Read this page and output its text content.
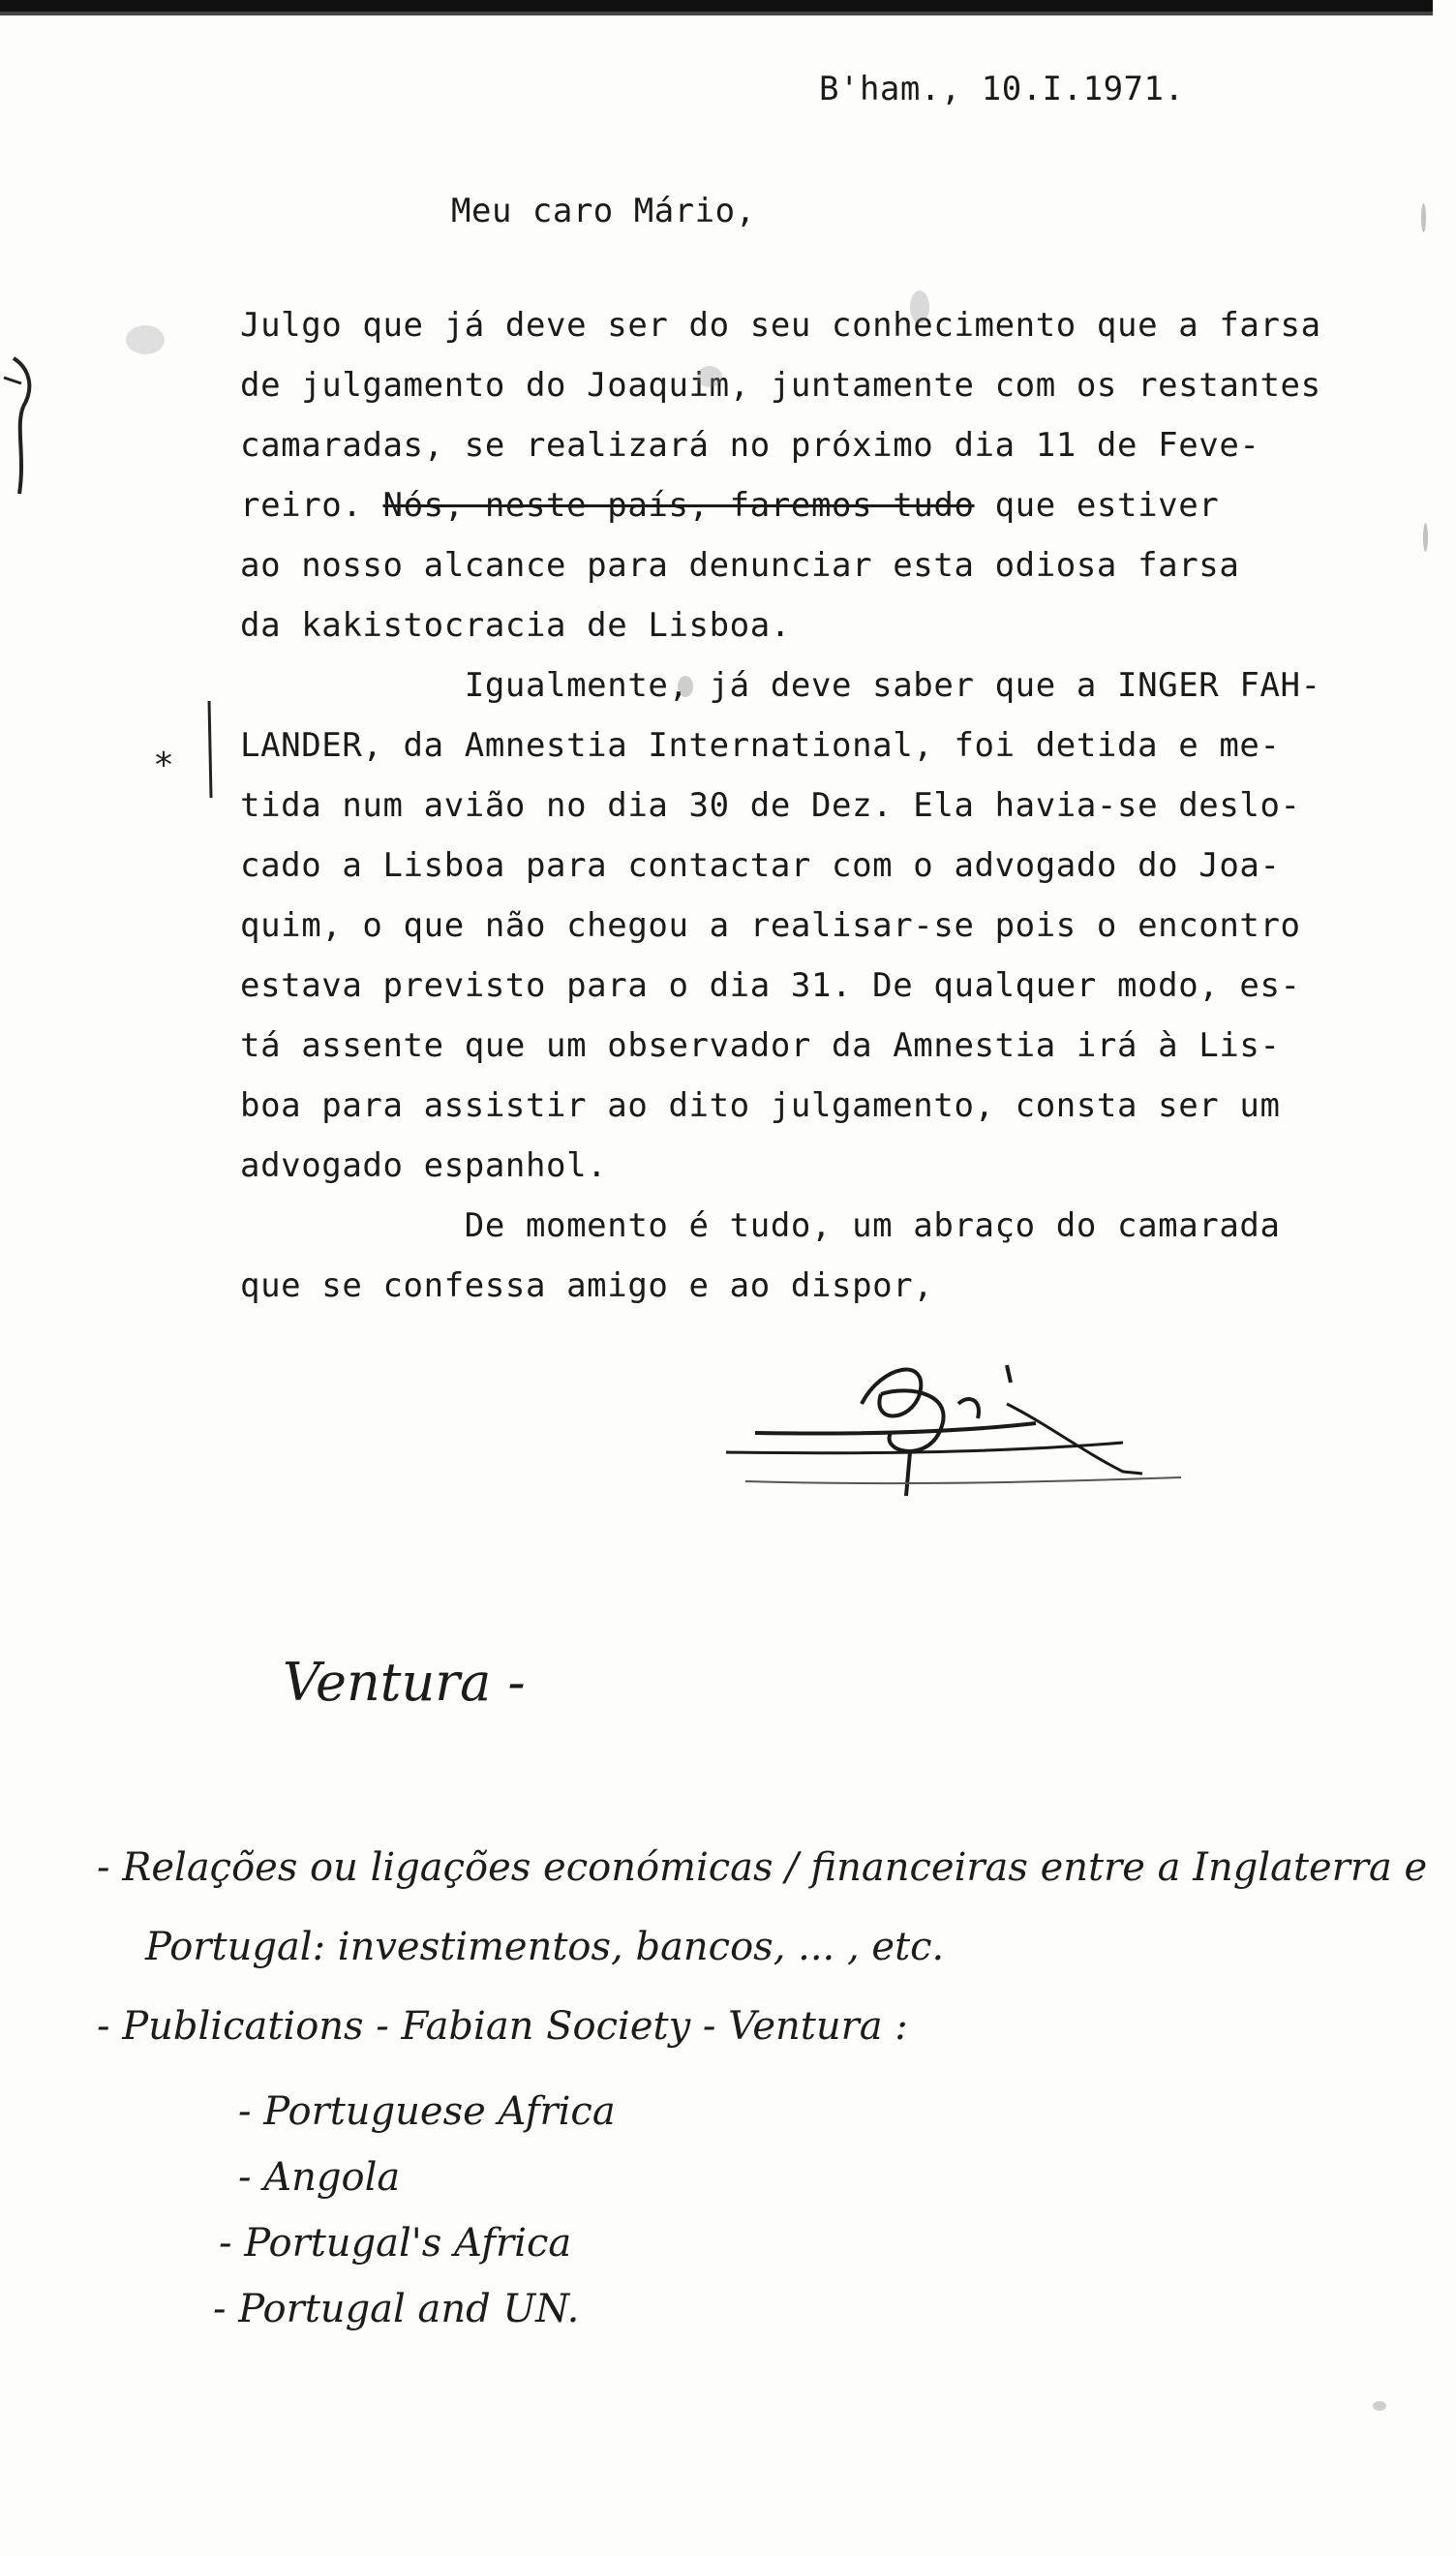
B'ham., 10.I.1971.
Meu caro Mário,
Julgo que já deve ser do seu conhecimento que a farsa
de julgamento do Joaquim, juntamente com os restantes
camaradas, se realizará no próximo dia 11 de Feve-
reiro. Nós, neste país, faremos tudo que estiver
ao nosso alcance para denunciar esta odiosa farsa
da kakistocracia de Lisboa.
*
Igualmente, já deve saber que a INGER FAH-
LANDER, da Amnestia International, foi detida e me-
tida num avião no dia 30 de Dez. Ela havia-se deslo-
cado a Lisboa para contactar com o advogado do Joa-
quim, o que não chegou a realisar-se pois o encontro
estava previsto para o dia 31. De qualquer modo, es-
tá assente que um observador da Amnestia irá à Lis-
boa para assistir ao dito julgamento, consta ser um
advogado espanhol.
De momento é tudo, um abraço do camarada
que se confessa amigo e ao dispor,
Ventura -
- Relações ou ligações económicas / financeiras entre a Inglaterra e
Portugal: investimentos, bancos, ... , etc.
- Publications - Fabian Society - Ventura :
- Portuguese Africa
- Angola
- Portugal's Africa
- Portugal and UN.
